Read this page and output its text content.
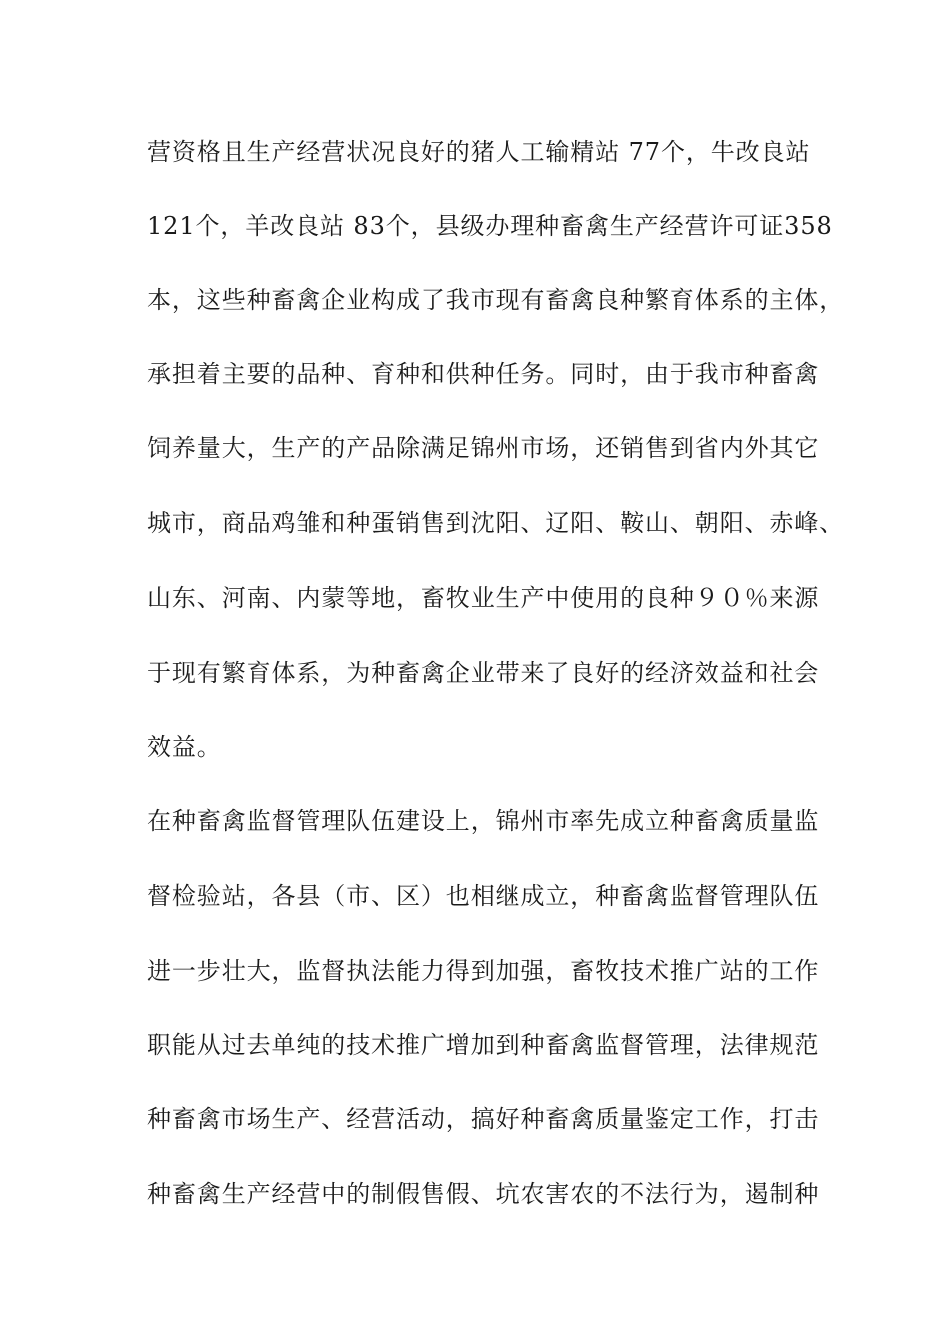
营资格且生产经营状况良好的猪人工输精站 77个，牛改良站
121个，羊改良站 83个，县级办理种畜禽生产经营许可证358
本，这些种畜禽企业构成了我市现有畜禽良种繁育体系的主体，
承担着主要的品种、育种和供种任务。同时，由于我市种畜禽
饲养量大，生产的产品除满足锦州市场，还销售到省内外其它
城市，商品鸡雏和种蛋销售到沈阳、辽阳、鞍山、朝阳、赤峰、
山东、河南、内蒙等地，畜牧业生产中使用的良种９０％来源
于现有繁育体系，为种畜禽企业带来了良好的经济效益和社会
效益。
在种畜禽监督管理队伍建设上，锦州市率先成立种畜禽质量监
督检验站，各县（市、区）也相继成立，种畜禽监督管理队伍
进一步壮大，监督执法能力得到加强，畜牧技术推广站的工作
职能从过去单纯的技术推广增加到种畜禽监督管理，法律规范
种畜禽市场生产、经营活动，搞好种畜禽质量鉴定工作，打击
种畜禽生产经营中的制假售假、坑农害农的不法行为，遏制种
